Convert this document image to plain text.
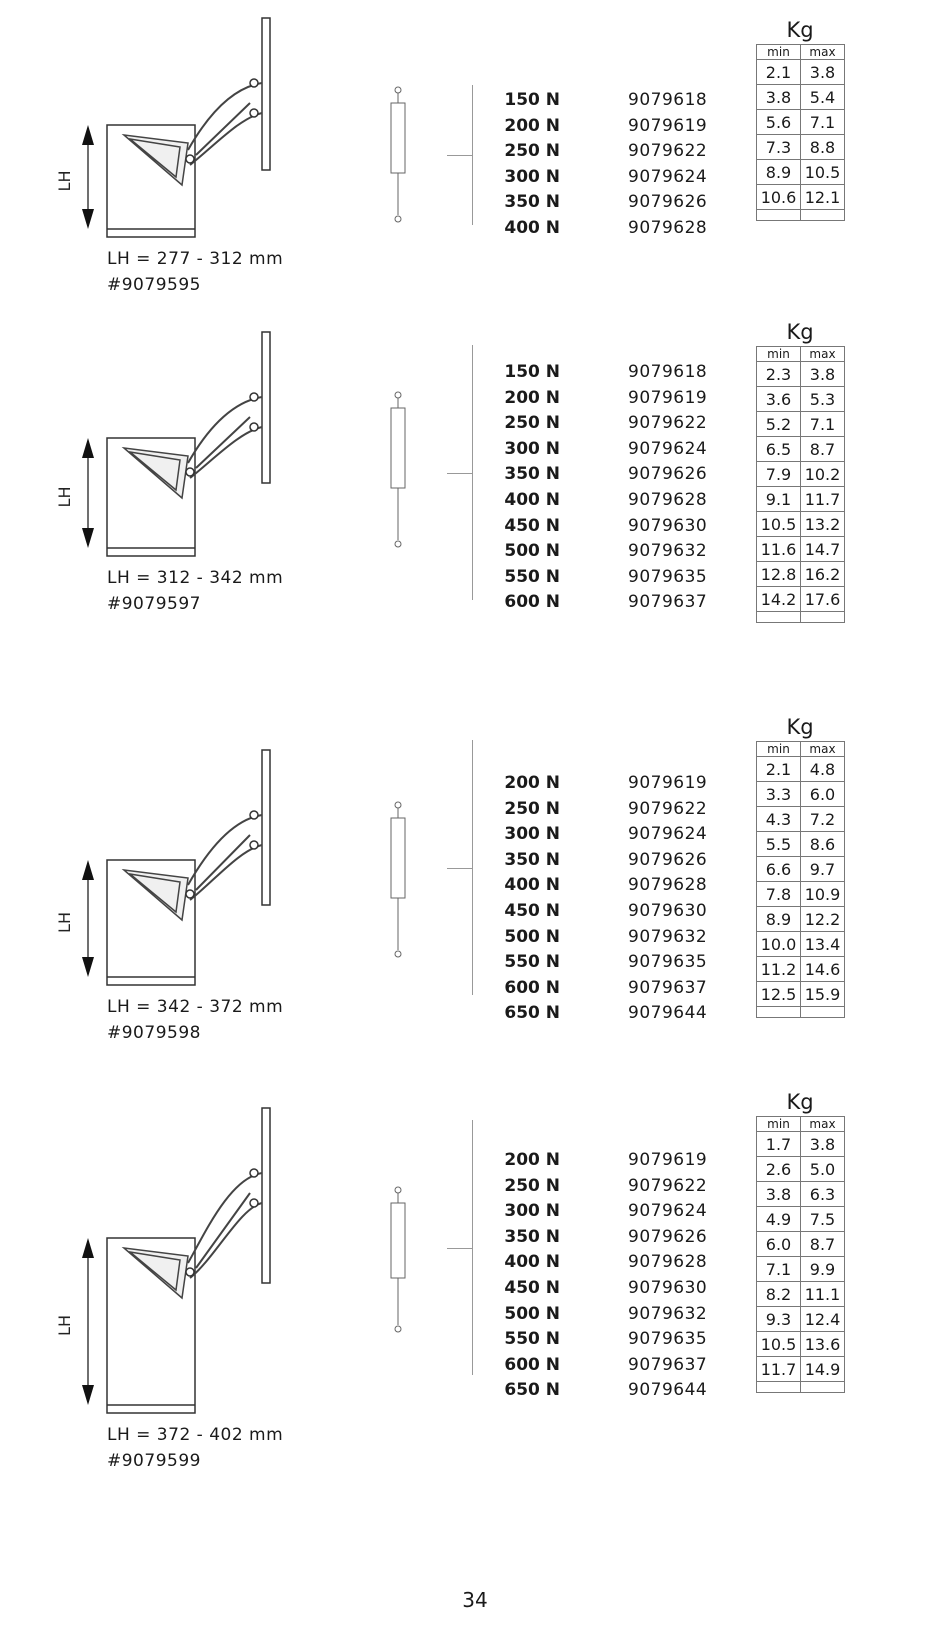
LH
LH = 277 - 312 mm
#9079595
150 N	9079618
200 N	9079619
250 N	9079622
300 N	9079624
350 N	9079626
400 N	9079628
Kg
min	max
2.1	3.8
3.8	5.4
5.6	7.1
7.3	8.8
8.9	10.5
10.6	12.1

LH
LH = 312 - 342 mm
#9079597
150 N	9079618
200 N	9079619
250 N	9079622
300 N	9079624
350 N	9079626
400 N	9079628
450 N	9079630
500 N	9079632
550 N	9079635
600 N	9079637
Kg
min	max
2.3	3.8
3.6	5.3
5.2	7.1
6.5	8.7
7.9	10.2
9.1	11.7
10.5	13.2
11.6	14.7
12.8	16.2
14.2	17.6

LH
LH = 342 - 372 mm
#9079598
200 N	9079619
250 N	9079622
300 N	9079624
350 N	9079626
400 N	9079628
450 N	9079630
500 N	9079632
550 N	9079635
600 N	9079637
650 N	9079644
Kg
min	max
2.1	4.8
3.3	6.0
4.3	7.2
5.5	8.6
6.6	9.7
7.8	10.9
8.9	12.2
10.0	13.4
11.2	14.6
12.5	15.9

LH
LH = 372 - 402 mm
#9079599
200 N	9079619
250 N	9079622
300 N	9079624
350 N	9079626
400 N	9079628
450 N	9079630
500 N	9079632
550 N	9079635
600 N	9079637
650 N	9079644
Kg
min	max
1.7	3.8
2.6	5.0
3.8	6.3
4.9	7.5
6.0	8.7
7.1	9.9
8.2	11.1
9.3	12.4
10.5	13.6
11.7	14.9

34
